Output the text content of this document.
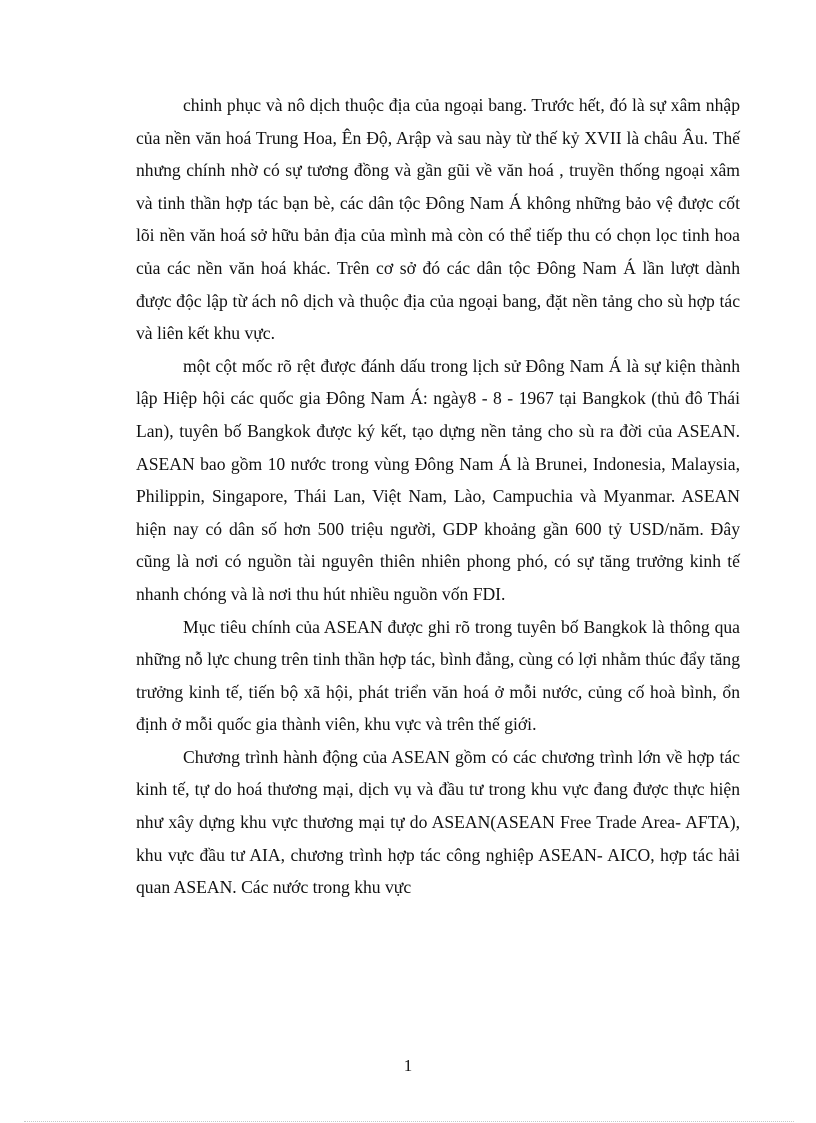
chinh phục và nô dịch thuộc địa của ngoại bang. Trước hết, đó là sự xâm nhập của nền văn hoá Trung Hoa, Ên Độ, Arập và sau này từ thế kỷ XVII là châu Âu. Thế nhưng chính nhờ có sự tương đồng và gần gũi về văn hoá , truyền thống ngoại xâm và tinh thần hợp tác bạn bè, các dân tộc Đông Nam Á không những bảo vệ được cốt lõi nền văn hoá sở hữu bản địa của mình mà còn có thể tiếp thu có chọn lọc tinh hoa của các nền văn hoá khác. Trên cơ sở đó các dân tộc Đông Nam Á lần lượt dành được độc lập từ ách nô dịch và thuộc địa của ngoại bang, đặt nền tảng cho sù hợp tác và liên kết khu vực.

một cột mốc rõ rệt được đánh dấu trong lịch sử Đông Nam Á là sự kiện thành lập Hiệp hội các quốc gia Đông Nam Á: ngày8 - 8 - 1967 tại Bangkok (thủ đô Thái Lan), tuyên bố Bangkok được ký kết, tạo dựng nền tảng cho sù ra đời của ASEAN. ASEAN bao gồm 10 nước trong vùng Đông Nam Á là Brunei, Indonesia, Malaysia, Philippin, Singapore, Thái Lan, Việt Nam, Lào, Campuchia và Myanmar. ASEAN hiện nay có dân số hơn 500 triệu người, GDP khoảng gần 600 tỷ USD/năm. Đây cũng là nơi có nguồn tài nguyên thiên nhiên phong phó, có sự tăng trưởng kinh tế nhanh chóng và là nơi thu hút nhiều nguồn vốn FDI.

Mục tiêu chính của ASEAN được ghi rõ trong tuyên bố Bangkok là thông qua những nỗ lực chung trên tinh thần hợp tác, bình đẳng, cùng có lợi nhằm thúc đẩy tăng trưởng kinh tế, tiến bộ xã hội, phát triển văn hoá ở mỗi nước, củng cố hoà bình, ổn định ở mỗi quốc gia thành viên, khu vực và trên thế giới.

Chương trình hành động của ASEAN gồm có các chương trình lớn về hợp tác kinh tế, tự do hoá thương mại, dịch vụ và đầu tư trong khu vực đang được thực hiện như xây dựng khu vực thương mại tự do ASEAN(ASEAN Free Trade Area- AFTA), khu vực đầu tư AIA, chương trình hợp tác công nghiệp ASEAN- AICO, hợp tác hải quan ASEAN. Các nước trong khu vực

1
